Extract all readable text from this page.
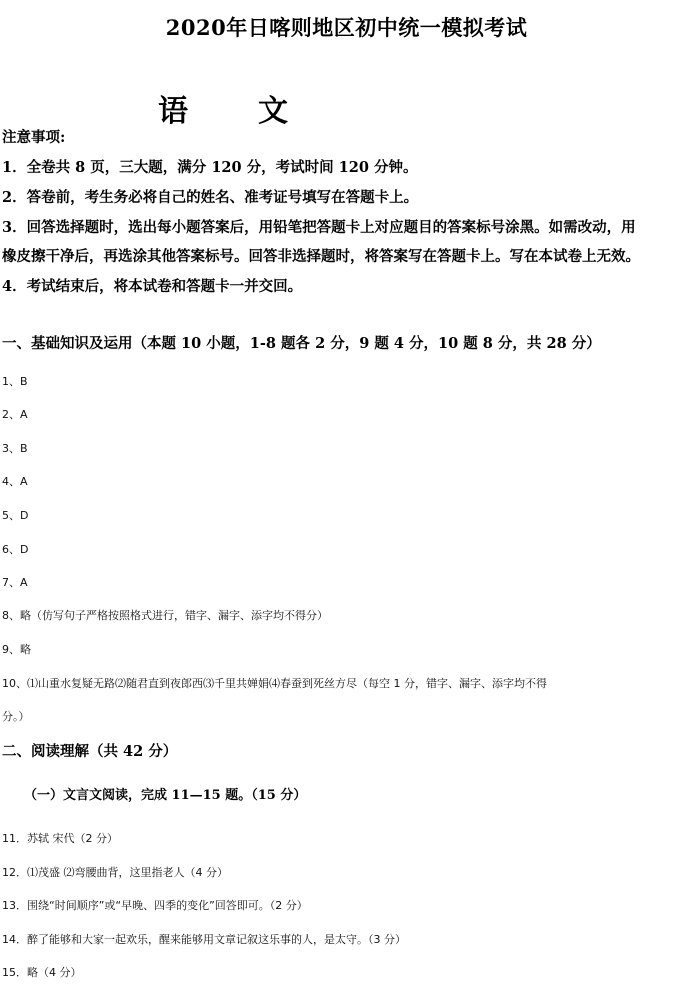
2020年日喀则地区初中统一模拟考试
语 文
注意事项:
1．全卷共 8 页，三大题，满分 120 分，考试时间 120 分钟。
2．答卷前，考生务必将自己的姓名、准考证号填写在答题卡上。
3．回答选择题时，选出每小题答案后，用铅笔把答题卡上对应题目的答案标号涂黑。如需改动，用
橡皮擦干净后，再选涂其他答案标号。回答非选择题时，将答案写在答题卡上。写在本试卷上无效。
4．考试结束后，将本试卷和答题卡一并交回。
一、基础知识及运用（本题 10 小题，1-8 题各 2 分，9 题 4 分，10 题 8 分，共 28 分）
1、B
2、A
3、B
4、A
5、D
6、D
7、A
8、略（仿写句子严格按照格式进行，错字、漏字、添字均不得分）
9、略
10、⑴山重水复疑无路⑵随君直到夜郎西⑶千里共婵娟⑷春蚕到死丝方尽（每空 1 分，错字、漏字、添字均不得
分。）
二、阅读理解（共 42 分）
（一）文言文阅读，完成 11—15 题。（15 分）
11．苏轼 宋代（2 分）
12．⑴茂盛 ⑵弯腰曲背，这里指老人（4 分）
13．围绕“时间顺序”或“早晚、四季的变化”回答即可。（2 分）
14．醉了能够和大家一起欢乐，醒来能够用文章记叙这乐事的人，是太守。（3 分）
15．略（4 分）
